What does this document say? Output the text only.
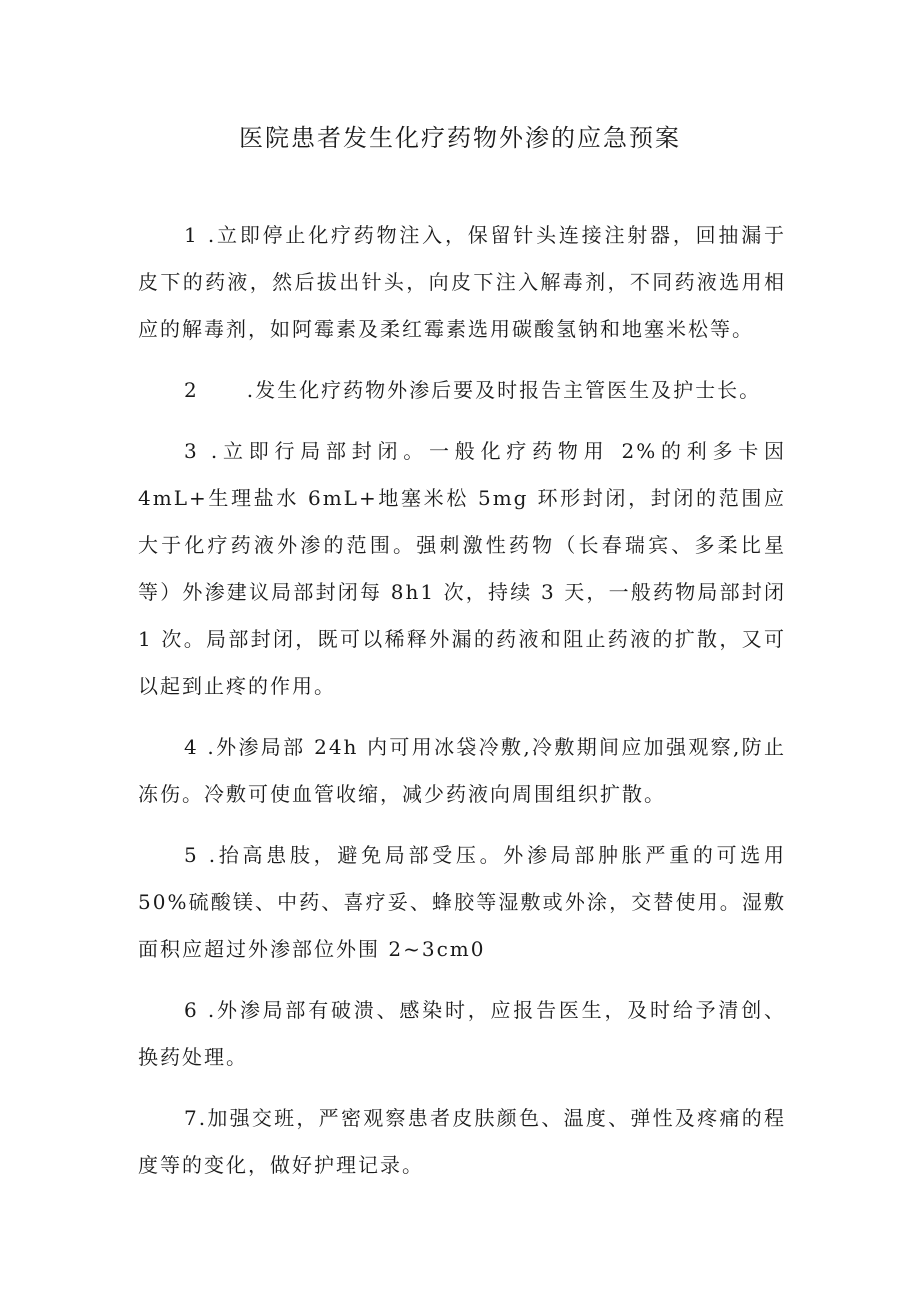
医院患者发生化疗药物外渗的应急预案

1 .立即停止化疗药物注入，保留针头连接注射器，回抽漏于皮下的药液，然后拔出针头，向皮下注入解毒剂，不同药液选用相应的解毒剂，如阿霉素及柔红霉素选用碳酸氢钠和地塞米松等。

2 .发生化疗药物外渗后要及时报告主管医生及护士长。

3 .立即行局部封闭。一般化疗药物用 2%的利多卡因 4mL+生理盐水 6mL+地塞米松 5mg 环形封闭，封闭的范围应大于化疗药液外渗的范围。强刺激性药物（长春瑞宾、多柔比星等）外渗建议局部封闭每 8h1 次，持续 3 天，一般药物局部封闭 1 次。局部封闭，既可以稀释外漏的药液和阻止药液的扩散，又可以起到止疼的作用。

4 .外渗局部 24h 内可用冰袋冷敷,冷敷期间应加强观察,防止冻伤。冷敷可使血管收缩，减少药液向周围组织扩散。

5 .抬高患肢，避免局部受压。外渗局部肿胀严重的可选用 50%硫酸镁、中药、喜疗妥、蜂胶等湿敷或外涂，交替使用。湿敷面积应超过外渗部位外围 2~3cm0

6 .外渗局部有破溃、感染时，应报告医生，及时给予清创、换药处理。

7.加强交班，严密观察患者皮肤颜色、温度、弹性及疼痛的程度等的变化，做好护理记录。
